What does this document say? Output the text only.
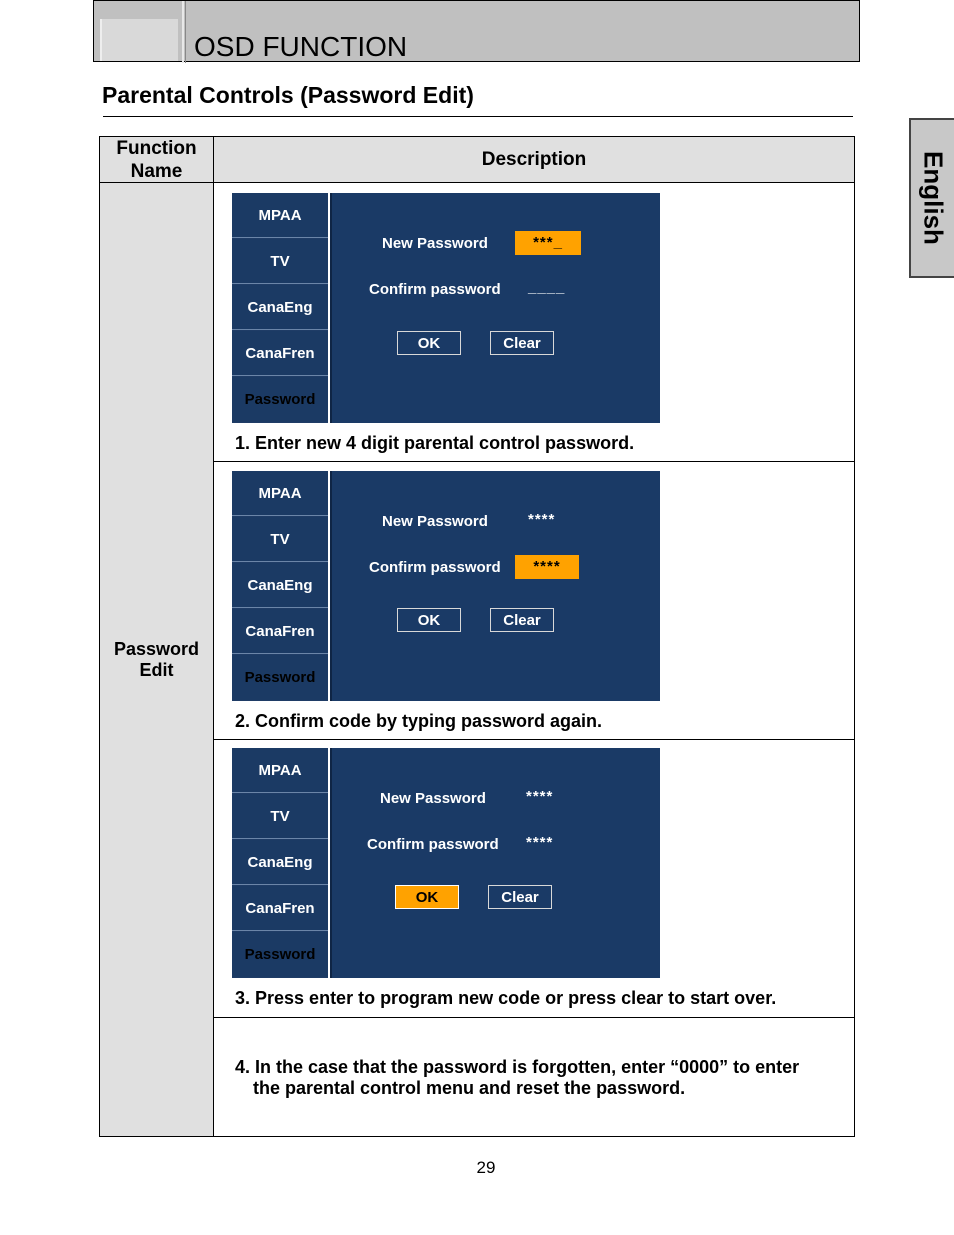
OSD FUNCTION
Parental Controls (Password Edit)
English
Function Name
Description
Password Edit
MPAA
TV
CanaEng
CanaFren
Password
New Password	***_
Confirm password ____
OK	Clear
1. Enter new 4 digit parental control password.
MPAA
TV
CanaEng
CanaFren
Password
New Password	****
Confirm password	****
OK	Clear
2. Confirm code by typing password again.
MPAA
TV
CanaEng
CanaFren
Password
New Password	****
Confirm password ****
OK	Clear
3. Press enter to program new code or press clear to start over.
4. In the case that the password is forgotten, enter “0000” to enter
the parental control menu and reset the password.
29
